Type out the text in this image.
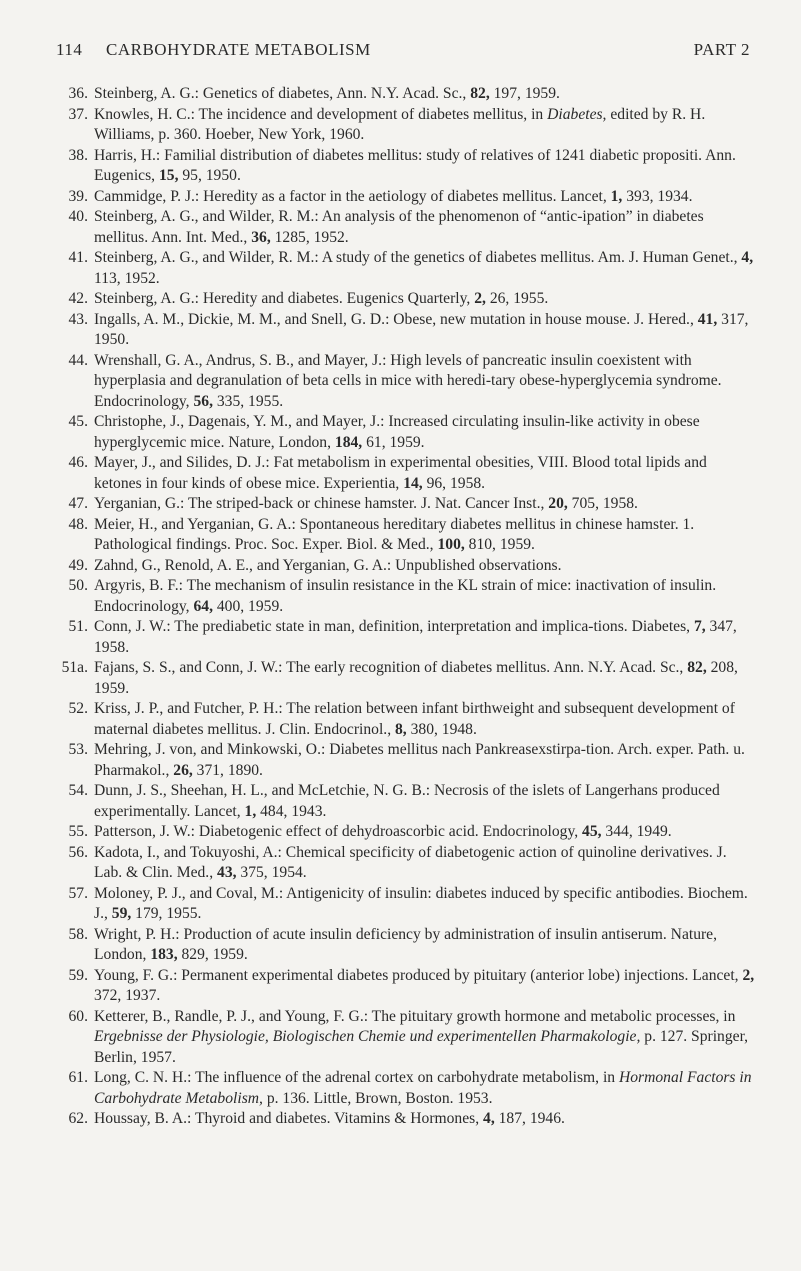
114 CARBOHYDRATE METABOLISM	PART 2
36. Steinberg, A. G.: Genetics of diabetes, Ann. N.Y. Acad. Sc., 82, 197, 1959.
37. Knowles, H. C.: The incidence and development of diabetes mellitus, in Diabetes, edited by R. H. Williams, p. 360. Hoeber, New York, 1960.
38. Harris, H.: Familial distribution of diabetes mellitus: study of relatives of 1241 diabetic propositi. Ann. Eugenics, 15, 95, 1950.
39. Cammidge, P. J.: Heredity as a factor in the aetiology of diabetes mellitus. Lancet, 1, 393, 1934.
40. Steinberg, A. G., and Wilder, R. M.: An analysis of the phenomenon of “antic-ipation” in diabetes mellitus. Ann. Int. Med., 36, 1285, 1952.
41. Steinberg, A. G., and Wilder, R. M.: A study of the genetics of diabetes mellitus. Am. J. Human Genet., 4, 113, 1952.
42. Steinberg, A. G.: Heredity and diabetes. Eugenics Quarterly, 2, 26, 1955.
43. Ingalls, A. M., Dickie, M. M., and Snell, G. D.: Obese, new mutation in house mouse. J. Hered., 41, 317, 1950.
44. Wrenshall, G. A., Andrus, S. B., and Mayer, J.: High levels of pancreatic insulin coexistent with hyperplasia and degranulation of beta cells in mice with heredi-tary obese-hyperglycemia syndrome. Endocrinology, 56, 335, 1955.
45. Christophe, J., Dagenais, Y. M., and Mayer, J.: Increased circulating insulin-like activity in obese hyperglycemic mice. Nature, London, 184, 61, 1959.
46. Mayer, J., and Silides, D. J.: Fat metabolism in experimental obesities, VIII. Blood total lipids and ketones in four kinds of obese mice. Experientia, 14, 96, 1958.
47. Yerganian, G.: The striped-back or chinese hamster. J. Nat. Cancer Inst., 20, 705, 1958.
48. Meier, H., and Yerganian, G. A.: Spontaneous hereditary diabetes mellitus in chinese hamster. 1. Pathological findings. Proc. Soc. Exper. Biol. & Med., 100, 810, 1959.
49. Zahnd, G., Renold, A. E., and Yerganian, G. A.: Unpublished observations.
50. Argyris, B. F.: The mechanism of insulin resistance in the KL strain of mice: inactivation of insulin. Endocrinology, 64, 400, 1959.
51. Conn, J. W.: The prediabetic state in man, definition, interpretation and implica-tions. Diabetes, 7, 347, 1958.
51a. Fajans, S. S., and Conn, J. W.: The early recognition of diabetes mellitus. Ann. N.Y. Acad. Sc., 82, 208, 1959.
52. Kriss, J. P., and Futcher, P. H.: The relation between infant birthweight and subsequent development of maternal diabetes mellitus. J. Clin. Endocrinol., 8, 380, 1948.
53. Mehring, J. von, and Minkowski, O.: Diabetes mellitus nach Pankreasexstirpa-tion. Arch. exper. Path. u. Pharmakol., 26, 371, 1890.
54. Dunn, J. S., Sheehan, H. L., and McLetchie, N. G. B.: Necrosis of the islets of Langerhans produced experimentally. Lancet, 1, 484, 1943.
55. Patterson, J. W.: Diabetogenic effect of dehydroascorbic acid. Endocrinology, 45, 344, 1949.
56. Kadota, I., and Tokuyoshi, A.: Chemical specificity of diabetogenic action of quinoline derivatives. J. Lab. & Clin. Med., 43, 375, 1954.
57. Moloney, P. J., and Coval, M.: Antigenicity of insulin: diabetes induced by specific antibodies. Biochem. J., 59, 179, 1955.
58. Wright, P. H.: Production of acute insulin deficiency by administration of insulin antiserum. Nature, London, 183, 829, 1959.
59. Young, F. G.: Permanent experimental diabetes produced by pituitary (anterior lobe) injections. Lancet, 2, 372, 1937.
60. Ketterer, B., Randle, P. J., and Young, F. G.: The pituitary growth hormone and metabolic processes, in Ergebnisse der Physiologie, Biologischen Chemie und experimentellen Pharmakologie, p. 127. Springer, Berlin, 1957.
61. Long, C. N. H.: The influence of the adrenal cortex on carbohydrate metabolism, in Hormonal Factors in Carbohydrate Metabolism, p. 136. Little, Brown, Boston. 1953.
62. Houssay, B. A.: Thyroid and diabetes. Vitamins & Hormones, 4, 187, 1946.
